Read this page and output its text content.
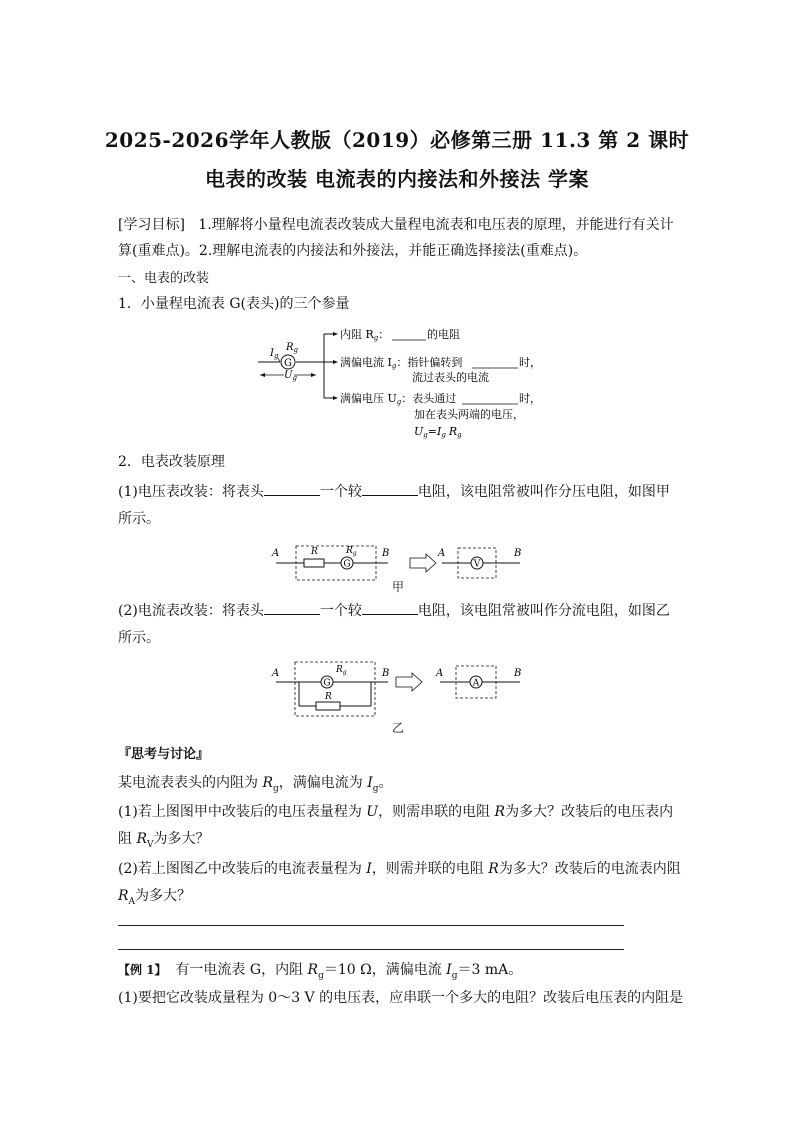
2025-2026学年人教版（2019）必修第三册 11.3 第 2 课时
电表的改装 电流表的内接法和外接法 学案
[学习目标] 1.理解将小量程电流表改装成大量程电流表和电压表的原理，并能进行有关计
算(重难点)。2.理解电流表的内接法和外接法，并能正确选择接法(重难点)。
一、电表的改装
1．小量程电流表 G(表头)的三个参量
G
$I_g$
$R_g$
$U_g$
内阻 Rg：	的电阻
满偏电流 Ig：指针偏转到	时，
流过表头的电流
满偏电压 Ug：表头通过	时，
加在表头两端的电压，
Ug=Ig Rg
2．电表改装原理
(1)电压表改装：将表头	一个较	电阻，该电阻常被叫作分压电阻，如图甲
所示。
A	B
R
G
$R_g$	A	B
V
甲
(2)电流表改装：将表头	一个较	电阻，该电阻常被叫作分流电阻，如图乙
所示。
A	B
G
$R_g$
R
A	B
A
乙
『思考与讨论』
某电流表表头的内阻为 $R_g$，满偏电流为 $I_g$。
(1)若上图图甲中改装后的电压表量程为 U，则需串联的电阻 R为多大？改装后的电压表内
阻 $R_V$为多大？
(2)若上图图乙中改装后的电流表量程为 I，则需并联的电阻 R为多大？改装后的电流表内阻
$R_A$为多大？
【例 1】 有一电流表 G，内阻 $R_g=10$ Ω，满偏电流 $I_g=3$ mA。
(1)要把它改装成量程为 0～3 V 的电压表，应串联一个多大的电阻？改装后电压表的内阻是
